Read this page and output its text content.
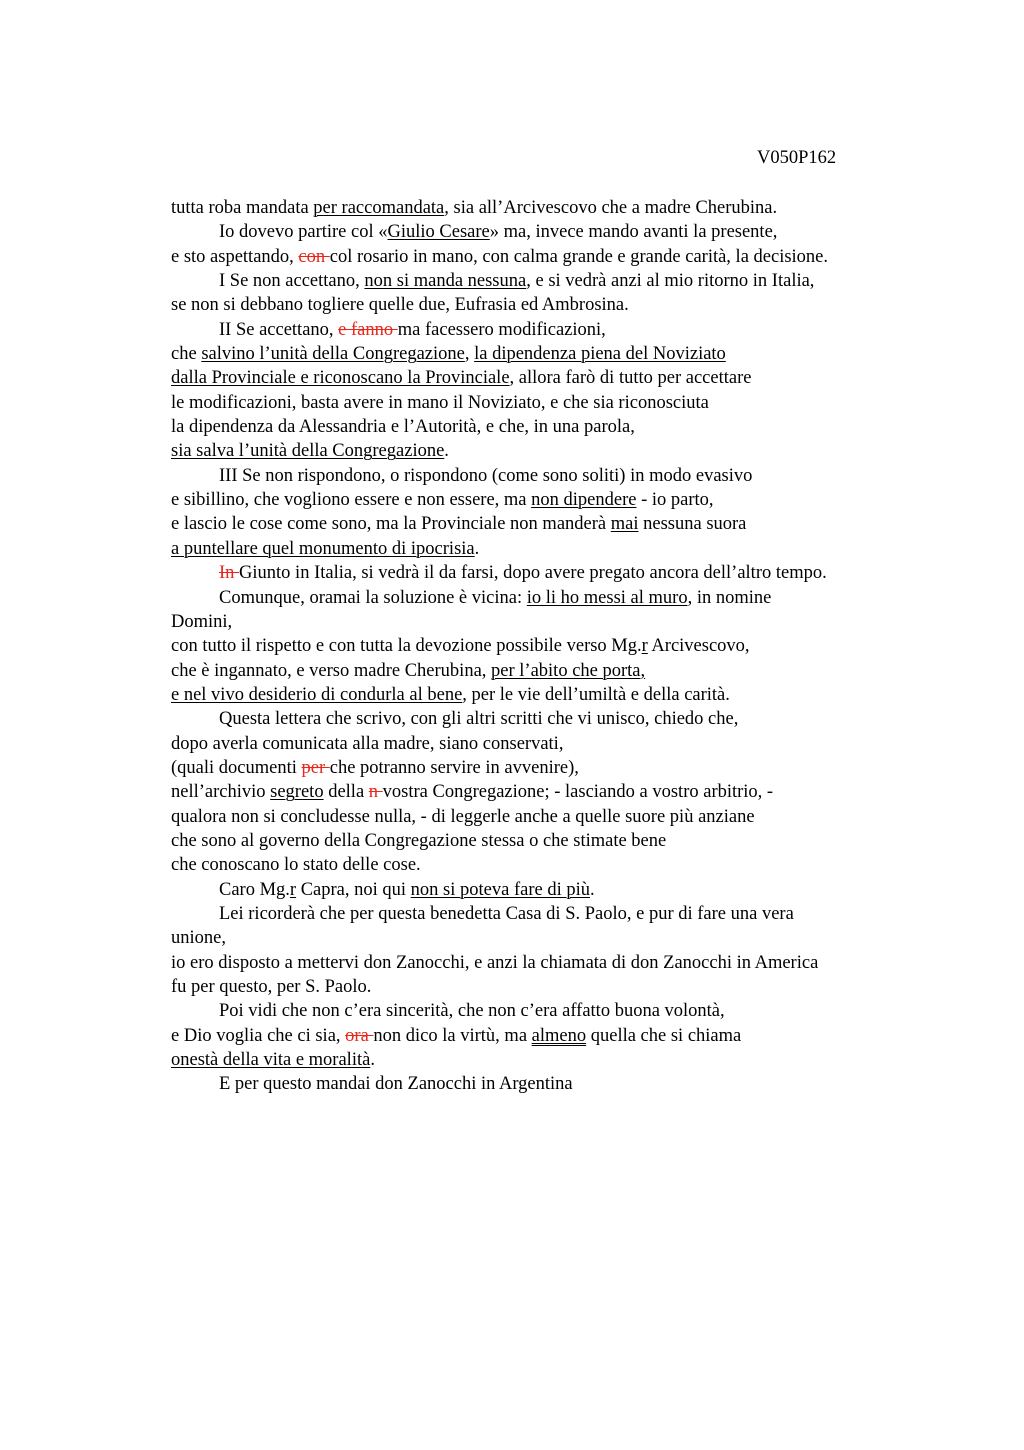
V050P162
tutta roba mandata per raccomandata, sia all’Arcivescovo che a madre Cherubina.
Io dovevo partire col «Giulio Cesare» ma, invece mando avanti la presente,
e sto aspettando, con col rosario in mano, con calma grande e grande carità, la decisione.
I Se non accettano, non si manda nessuna, e si vedrà anzi al mio ritorno in Italia,
se non si debbano togliere quelle due, Eufrasia ed Ambrosina.
II Se accettano, e fanno ma facessero modificazioni,
che salvino l’unità della Congregazione, la dipendenza piena del Noviziato
dalla Provinciale e riconoscano la Provinciale, allora farò di tutto per accettare
le modificazioni, basta avere in mano il Noviziato, e che sia riconosciuta
la dipendenza da Alessandria e l’Autorità, e che, in una parola,
sia salva l’unità della Congregazione.
III Se non rispondono, o rispondono (come sono soliti) in modo evasivo
e sibillino, che vogliono essere e non essere, ma non dipendere - io parto,
e lascio le cose come sono, ma la Provinciale non manderà mai nessuna suora
a puntellare quel monumento di ipocrisia.
In Giunto in Italia, si vedrà il da farsi, dopo avere pregato ancora dell’altro tempo.
Comunque, oramai la soluzione è vicina: io li ho messi al muro, in nomine
Domini,
con tutto il rispetto e con tutta la devozione possibile verso Mg.r Arcivescovo,
che è ingannato, e verso madre Cherubina, per l’abito che porta,
e nel vivo desiderio di condurla al bene, per le vie dell’umiltà e della carità.
Questa lettera che scrivo, con gli altri scritti che vi unisco, chiedo che,
dopo averla comunicata alla madre, siano conservati,
(quali documenti per che potranno servire in avvenire),
nell’archivio segreto della n vostra Congregazione; - lasciando a vostro arbitrio, -
qualora non si concludesse nulla, - di leggerle anche a quelle suore più anziane
che sono al governo della Congregazione stessa o che stimate bene
che conoscano lo stato delle cose.
Caro Mg.r Capra, noi qui non si poteva fare di più.
Lei ricorderà che per questa benedetta Casa di S. Paolo, e pur di fare una vera
unione,
io ero disposto a mettervi don Zanocchi, e anzi la chiamata di don Zanocchi in America
fu per questo, per S. Paolo.
Poi vidi che non c’era sincerità, che non c’era affatto buona volontà,
e Dio voglia che ci sia, ora non dico la virtù, ma almeno quella che si chiama
onestà della vita e moralità.
E per questo mandai don Zanocchi in Argentina
